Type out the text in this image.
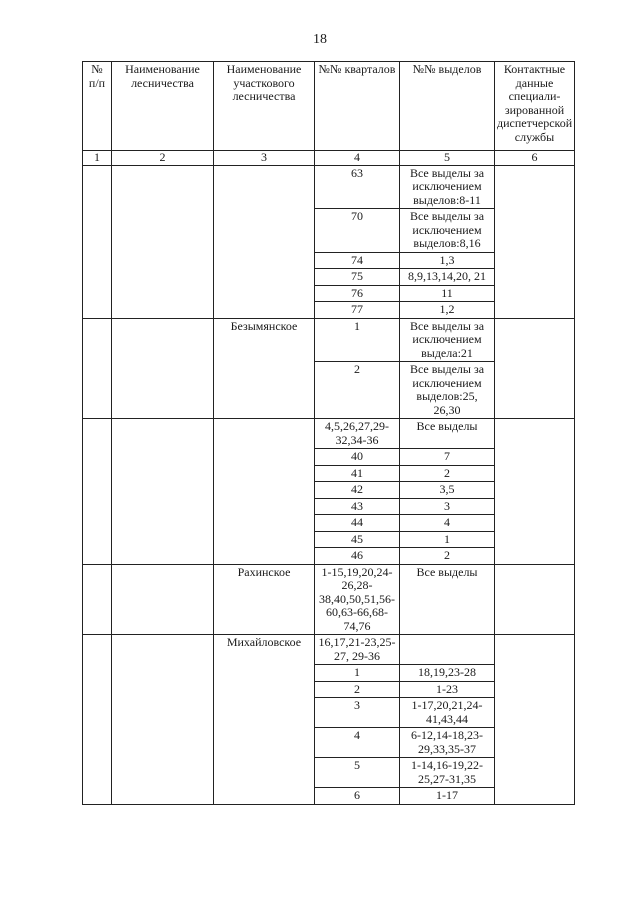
18
№ п/п	Наименование лесничества	Наименование участкового лесничества	№№ кварталов	№№ выделов	Контактные данные специали-зированной диспетчерской службы
1	2	3	4	5	6
			63	Все выделы за исключением выделов:8-11	
			70	Все выделы за исключением выделов:8,16	
			74	1,3	
			75	8,9,13,14,20, 21	
			76	11	
			77	1,2	
		Безымянское	1	Все выделы за исключением выдела:21	
			2	Все выделы за исключением выделов:25, 26,30	
			4,5,26,27,29-32,34-36	Все выделы	
			40	7	
			41	2	
			42	3,5	
			43	3	
			44	4	
			45	1	
			46	2	
		Рахинское	1-15,19,20,24-26,28-38,40,50,51,56-60,63-66,68-74,76	Все выделы	
		Михайловское	16,17,21-23,25-27, 29-36		
			1	18,19,23-28	
			2	1-23	
			3	1-17,20,21,24-41,43,44	
			4	6-12,14-18,23-29,33,35-37	
			5	1-14,16-19,22-25,27-31,35	
			6	1-17	
